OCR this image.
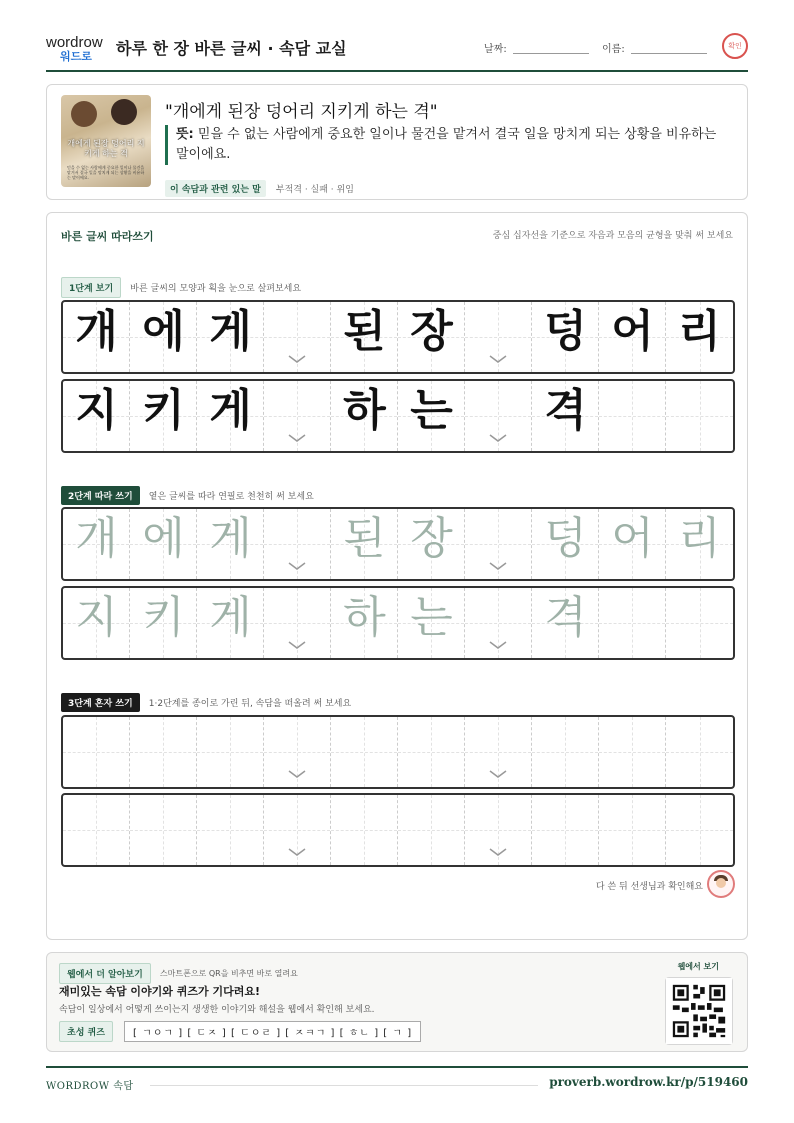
wordrow
워드로 하루 한 장 바른 글씨 · 속담 교실	날짜:	이름:	확인
개에게 된장 덩어리 지키게 하는 격
믿을 수 없는 사람에게 중요한 일이나 물건을 맡겨서 결국 일을 망치게 되는 상황을 비유하는 말이에요.
"개에게 된장 덩어리 지키게 하는 격"
뜻: 믿을 수 없는 사람에게 중요한 일이나 물건을 맡겨서 결국 일을 망치게 되는 상황을 비유하는 말이에요.
이 속담과 관련 있는 말 부적격 · 실패 · 위임
바른 글씨 따라쓰기	중심 십자선을 기준으로 자음과 모음의 균형을 맞춰 써 보세요
1단계 보기 바른 글씨의 모양과 획을 눈으로 살펴보세요
개 에 게 된 장 덩 어 리
지 키 게 하 는 격
2단계 따라 쓰기 옅은 글씨를 따라 연필로 천천히 써 보세요
개 에 게 된 장 덩 어 리
지 키 게 하 는 격
3단계 혼자 쓰기 1·2단계를 종이로 가린 뒤, 속담을 떠올려 써 보세요
다 쓴 뒤 선생님과 확인해요
웹에서 더 알아보기 스마트폰으로 QR을 비추면 바로 열려요
재미있는 속담 이야기와 퀴즈가 기다려요!
속담이 일상에서 어떻게 쓰이는지 생생한 이야기와 해설을 웹에서 확인해 보세요.
초성 퀴즈	[ ㄱㅇㄱ ] [ ㄷㅈ ] [ ㄷㅇㄹ ] [ ㅈㅋㄱ ] [ ㅎㄴ ] [ ㄱ ]
웹에서 보기
WORDROW 속담	proverb.wordrow.kr/p/519460
